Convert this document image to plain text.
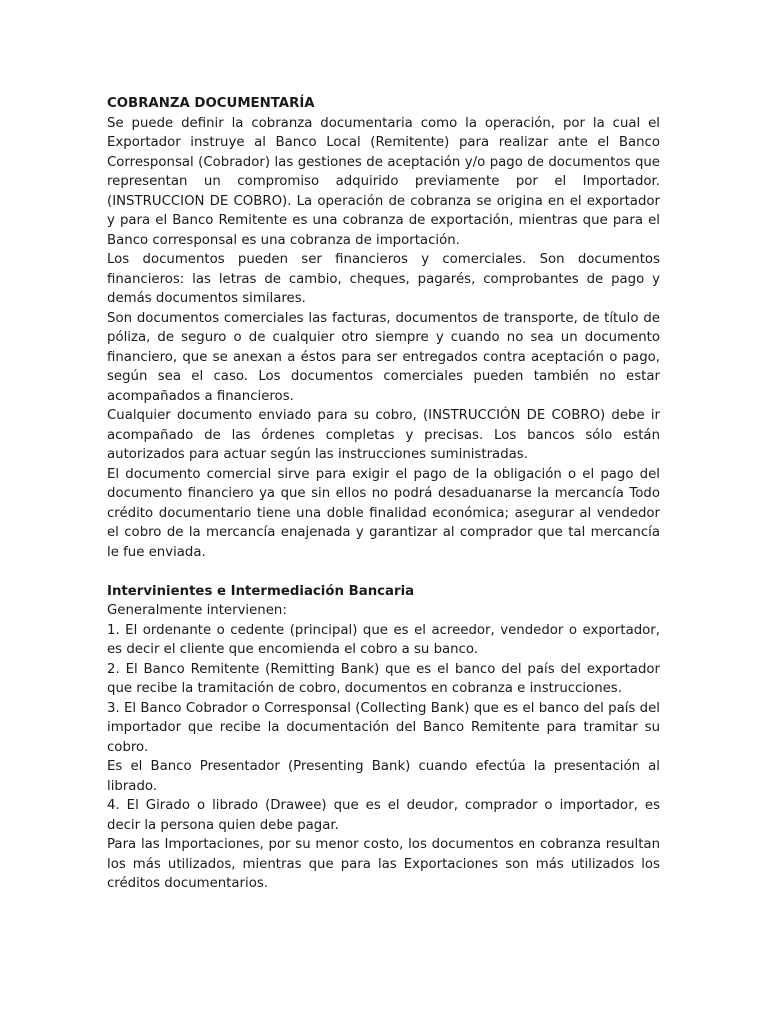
COBRANZA DOCUMENTARÍA

Se puede definir la cobranza documentaria como la operación, por la cual el Exportador instruye al Banco Local (Remitente) para realizar ante el Banco Corresponsal (Cobrador) las gestiones de aceptación y/o pago de documentos que representan un compromiso adquirido previamente por el Importador. (INSTRUCCION DE COBRO). La operación de cobranza se origina en el exportador y para el Banco Remitente es una cobranza de exportación, mientras que para el Banco corresponsal es una cobranza de importación.

Los documentos pueden ser financieros y comerciales. Son documentos financieros: las letras de cambio, cheques, pagarés, comprobantes de pago y demás documentos similares.

Son documentos comerciales las facturas, documentos de transporte, de título de póliza, de seguro o de cualquier otro siempre y cuando no sea un documento financiero, que se anexan a éstos para ser entregados contra aceptación o pago, según sea el caso. Los documentos comerciales pueden también no estar acompañados a financieros.

Cualquier documento enviado para su cobro, (INSTRUCCIÓN DE COBRO) debe ir acompañado de las órdenes completas y precisas. Los bancos sólo están autorizados para actuar según las instrucciones suministradas.

El documento comercial sirve para exigir el pago de la obligación o el pago del documento financiero ya que sin ellos no podrá desaduanarse la mercancía Todo crédito documentario tiene una doble finalidad económica; asegurar al vendedor el cobro de la mercancía enajenada y garantizar al comprador que tal mercancía le fue enviada.

Intervinientes e Intermediación Bancaria

Generalmente intervienen:

1. El ordenante o cedente (principal) que es el acreedor, vendedor o exportador, es decir el cliente que encomienda el cobro a su banco.

2. El Banco Remitente (Remitting Bank) que es el banco del país del exportador que recibe la tramitación de cobro, documentos en cobranza e instrucciones.

3. El Banco Cobrador o Corresponsal (Collecting Bank) que es el banco del país del importador que recibe la documentación del Banco Remitente para tramitar su cobro.

Es el Banco Presentador (Presenting Bank) cuando efectúa la presentación al librado.

4. El Girado o librado (Drawee) que es el deudor, comprador o importador, es decir la persona quien debe pagar.

Para las Importaciones, por su menor costo, los documentos en cobranza resultan los más utilizados, mientras que para las Exportaciones son más utilizados los créditos documentarios.
